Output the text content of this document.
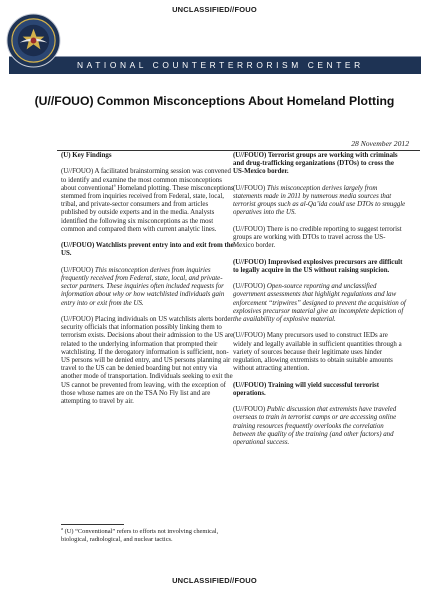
UNCLASSIFIED//FOUO
NATIONAL COUNTERTERRORISM CENTER
(U//FOUO) Common Misconceptions About Homeland Plotting
28 November 2012

(U) Key Findings

(U//FOUO) A facilitated brainstorming session was convened to identify and examine the most common misconceptions about conventional$^a$ Homeland plotting. These misconceptions stemmed from inquiries received from Federal, state, local, tribal, and private-sector consumers and from articles published by outside experts and in the media. Analysts identified the following six misconceptions as the most common and compared them with current analytic lines.

(U//FOUO) Watchlists prevent entry into and exit from the US.

(U//FOUO) This misconception derives from inquiries frequently received from Federal, state, local, and private-sector partners. These inquiries often included requests for information about why or how watchlisted individuals gain entry into or exit from the US.

(U//FOUO) Placing individuals on US watchlists alerts border security officials that information possibly linking them to terrorism exists. Decisions about their admission to the US are related to the underlying information that prompted their watchlisting. If the derogatory information is sufficient, non-US persons will be denied entry, and US persons planning air travel to the US can be denied boarding but not entry via another mode of transportation. Individuals seeking to exit the US cannot be prevented from leaving, with the exception of those whose names are on the TSA No Fly list and are attempting to travel by air.

(U//FOUO) Terrorist groups are working with criminals and drug-trafficking organizations (DTOs) to cross the US-Mexico border.

(U//FOUO) This misconception derives largely from statements made in 2011 by numerous media sources that terrorist groups such as al-Qa’ida could use DTOs to smuggle operatives into the US.

(U//FOUO) There is no credible reporting to suggest terrorist groups are working with DTOs to travel across the US-Mexico border.

(U//FOUO) Improvised explosives precursors are difficult to legally acquire in the US without raising suspicion.

(U//FOUO) Open-source reporting and unclassified government assessments that highlight regulations and law enforcement “tripwires” designed to prevent the acquisition of explosives precursor material give an incomplete depiction of the availability of explosive material.

(U//FOUO) Many precursors used to construct IEDs are widely and legally available in sufficient quantities through a variety of sources because their legitimate uses hinder regulation, allowing extremists to obtain suitable amounts without attracting attention.

(U//FOUO) Training will yield successful terrorist operations.

(U//FOUO) Public discussion that extremists have traveled overseas to train in terrorist camps or are accessing online training resources frequently overlooks the correlation between the quality of the training (and other factors) and operational success.

$^a$ (U) “Conventional” refers to efforts not involving chemical, biological, radiological, and nuclear tactics.
UNCLASSIFIED//FOUO
